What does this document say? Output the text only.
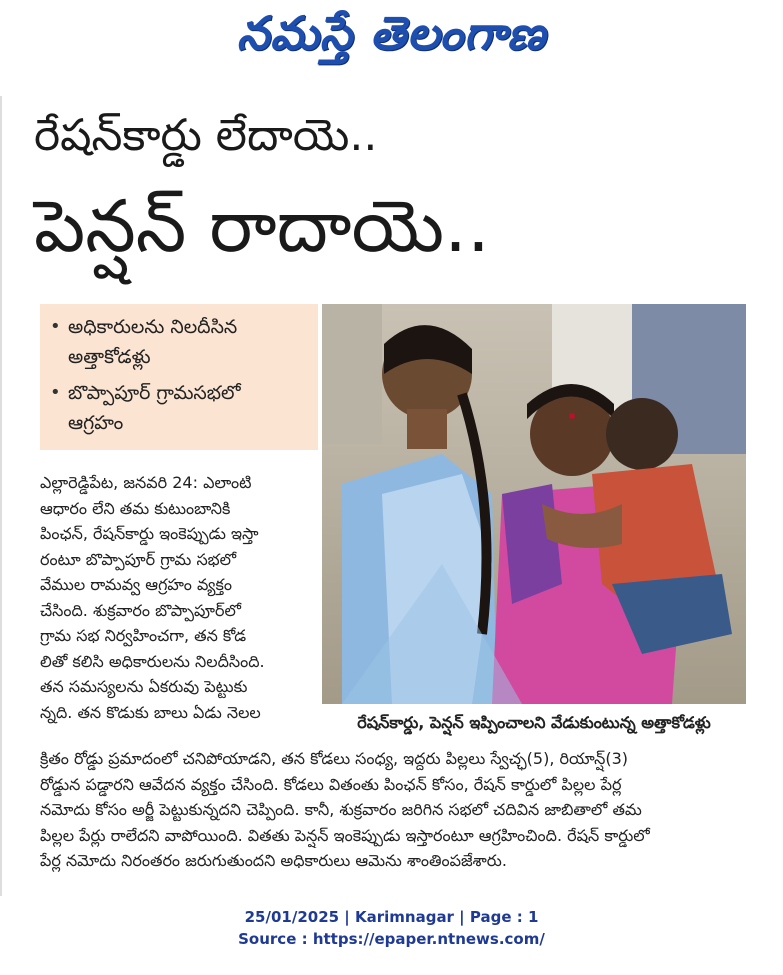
నమస్తే తెలంగాణ
రేషన్‌కార్డు లేదాయె..
పెన్షన్ రాదాయె..
• అధికారులను నిలదీసిన
అత్తాకోడళ్లు
• బొప్పాపూర్ గ్రామసభలో
ఆగ్రహం
రేషన్‌కార్డు, పెన్షన్ ఇప్పించాలని వేడుకుంటున్న అత్తాకోడళ్లు
ఎల్లారెడ్డిపేట, జనవరి 24: ఎలాంటి
ఆధారం లేని తమ కుటుంబానికి
పింఛన్, రేషన్‌కార్డు ఇంకెప్పుడు ఇస్తా
రంటూ బొప్పాపూర్ గ్రామ సభలో
వేముల రామవ్వ ఆగ్రహం వ్యక్తం
చేసింది. శుక్రవారం బొప్పాపూర్‌లో
గ్రామ సభ నిర్వహించగా, తన కోడ
లితో కలిసి అధికారులను నిలదీసింది.
తన సమస్యలను ఏకరువు పెట్టుకు
న్నది. తన కొడుకు బాలు ఏడు నెలల
క్రితం రోడ్డు ప్రమాదంలో చనిపోయాడని, తన కోడలు సంధ్య, ఇద్దరు పిల్లలు స్వేచ్ఛ(5), రియాన్ష్(3)
రోడ్డున పడ్డారని ఆవేదన వ్యక్తం చేసింది. కోడలు వితంతు పింఛన్ కోసం, రేషన్ కార్డులో పిల్లల పేర్ల
నమోదు కోసం అర్జీ పెట్టుకున్నదని చెప్పింది. కానీ, శుక్రవారం జరిగిన సభలో చదివిన జాబితాలో తమ
పిల్లల పేర్లు రాలేదని వాపోయింది. వితతు పెన్షన్ ఇంకెప్పుడు ఇస్తారంటూ ఆగ్రహించింది. రేషన్ కార్డులో
పేర్ల నమోదు నిరంతరం జరుగుతుందని అధికారులు ఆమెను శాంతింపజేశారు.
25/01/2025 | Karimnagar | Page : 1
Source : https://epaper.ntnews.com/
